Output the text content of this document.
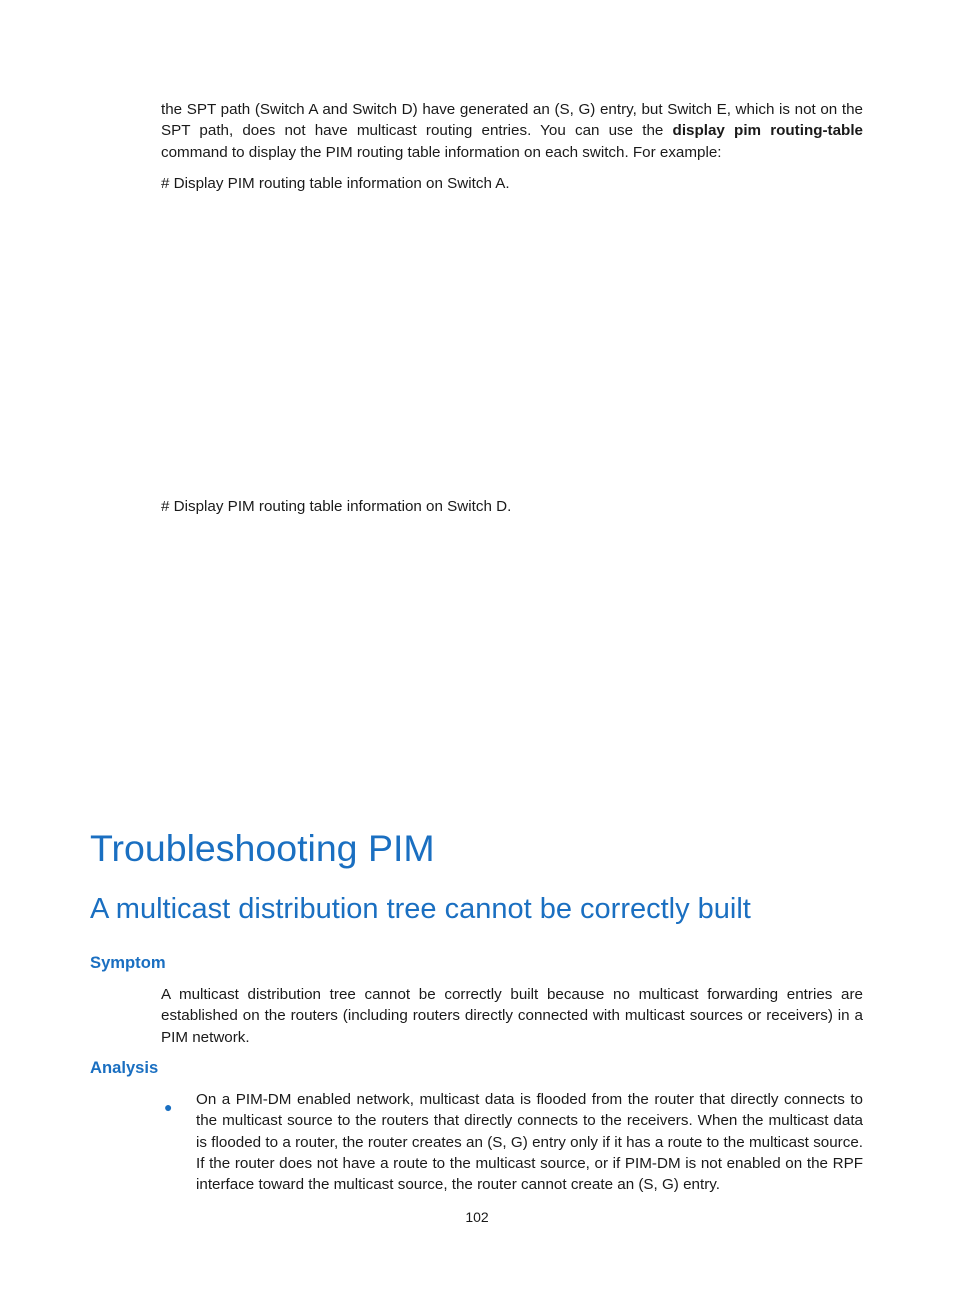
the SPT path (Switch A and Switch D) have generated an (S, G) entry, but Switch E, which is not on the SPT path, does not have multicast routing entries. You can use the display pim routing-table command to display the PIM routing table information on each switch. For example:

# Display PIM routing table information on Switch A.

# Display PIM routing table information on Switch D.

Troubleshooting PIM
A multicast distribution tree cannot be correctly built
Symptom

A multicast distribution tree cannot be correctly built because no multicast forwarding entries are established on the routers (including routers directly connected with multicast sources or receivers) in a PIM network.

Analysis
● On a PIM-DM enabled network, multicast data is flooded from the router that directly connects to the multicast source to the routers that directly connects to the receivers. When the multicast data is flooded to a router, the router creates an (S, G) entry only if it has a route to the multicast source. If the router does not have a route to the multicast source, or if PIM-DM is not enabled on the RPF interface toward the multicast source, the router cannot create an (S, G) entry.

102
